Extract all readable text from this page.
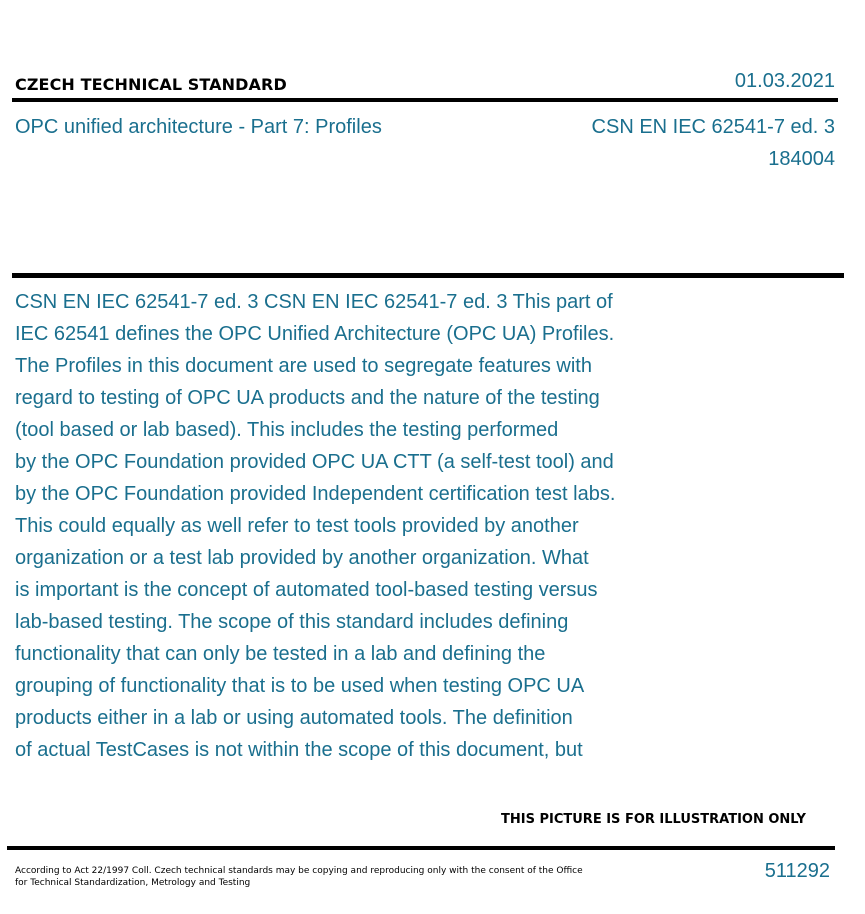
CZECH TECHNICAL STANDARD	01.03.2021
OPC unified architecture - Part 7: Profiles	CSN EN IEC 62541-7 ed. 3
184004
CSN EN IEC 62541-7 ed. 3 CSN EN IEC 62541-7 ed. 3 This part of
IEC 62541 defines the OPC Unified Architecture (OPC UA) Profiles.
The Profiles in this document are used to segregate features with
regard to testing of OPC UA products and the nature of the testing
(tool based or lab based). This includes the testing performed
by the OPC Foundation provided OPC UA CTT (a self-test tool) and
by the OPC Foundation provided Independent certification test labs.
This could equally as well refer to test tools provided by another
organization or a test lab provided by another organization. What
is important is the concept of automated tool-based testing versus
lab-based testing. The scope of this standard includes defining
functionality that can only be tested in a lab and defining the
grouping of functionality that is to be used when testing OPC UA
products either in a lab or using automated tools. The definition
of actual TestCases is not within the scope of this document, but
THIS PICTURE IS FOR ILLUSTRATION ONLY
According to Act 22/1997 Coll. Czech technical standards may be copying and reproducing only with the consent of the Office
for Technical Standardization, Metrology and Testing
511292
